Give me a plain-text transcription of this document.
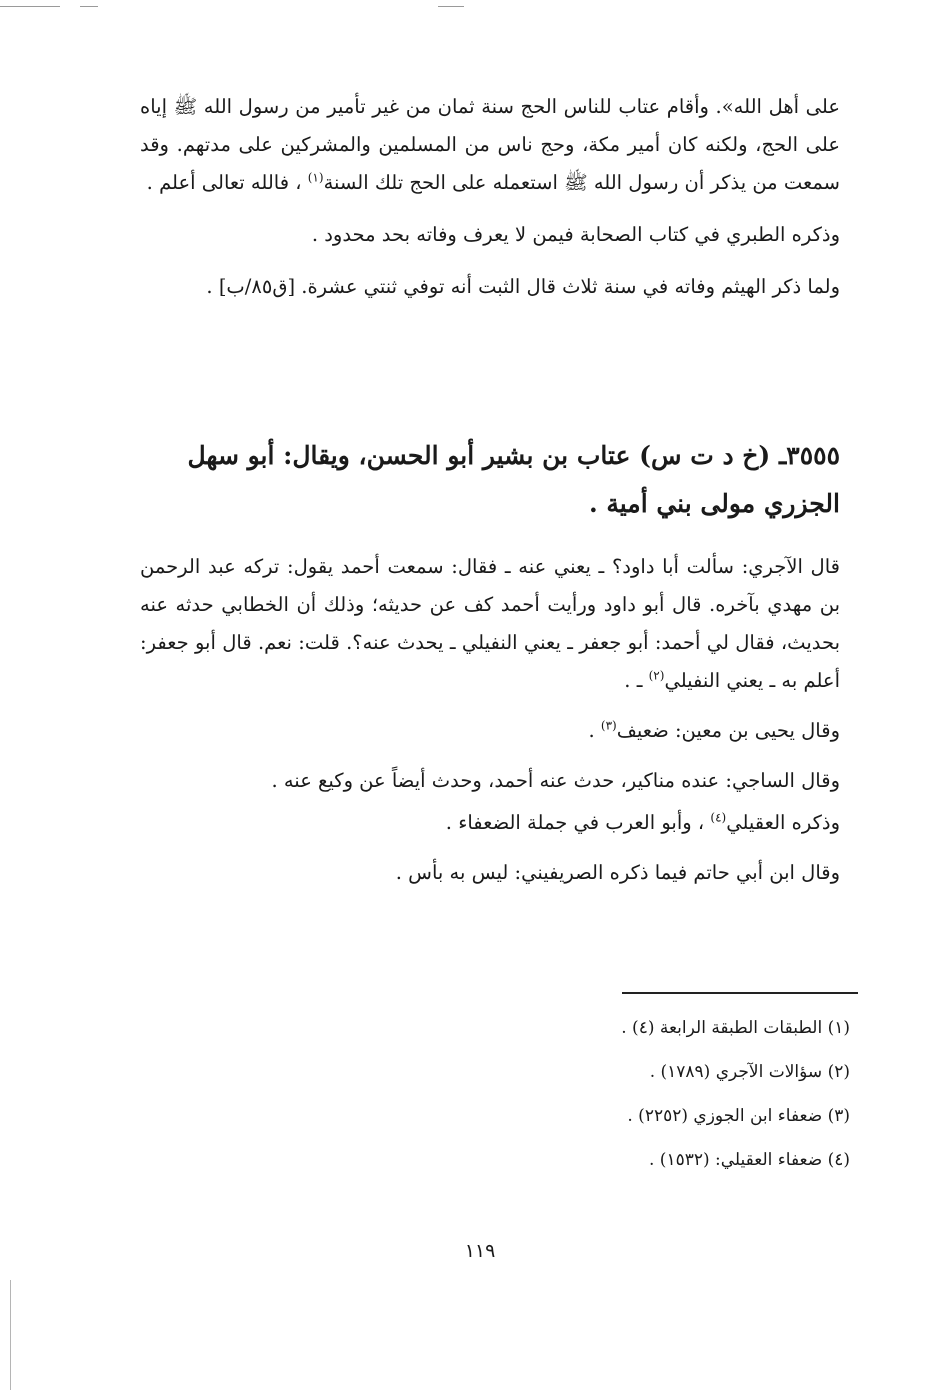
على أهل الله». وأقام عتاب للناس الحج سنة ثمان من غير تأمير من رسول الله ﷺ إياه على الحج، ولكنه كان أمير مكة، وحج ناس من المسلمين والمشركين على مدتهم. وقد سمعت من يذكر أن رسول الله ﷺ استعمله على الحج تلك السنة$^{(١)}$ ، فالله تعالى أعلم .

وذكره الطبري في كتاب الصحابة فيمن لا يعرف وفاته بحد محدود .

ولما ذكر الهيثم وفاته في سنة ثلاث قال الثبت أنه توفي ثنتي عشرة. [ق٨٥/ب] .

٣٥٥٥ـ (خ د ت س) عتاب بن بشير أبو الحسن، ويقال: أبو سهل الجزري مولى بني أمية .

قال الآجري: سألت أبا داود؟ ـ يعني عنه ـ فقال: سمعت أحمد يقول: تركه عبد الرحمن بن مهدي بآخره. قال أبو داود ورأيت أحمد كف عن حديثه؛ وذلك أن الخطابي حدثه عنه بحديث، فقال لي أحمد: أبو جعفر ـ يعني النفيلي ـ يحدث عنه؟. قلت: نعم. قال أبو جعفر: أعلم به ـ يعني النفيلي$^{(٢)}$ ـ .

وقال يحيى بن معين: ضعيف$^{(٣)}$ .

وقال الساجي: عنده مناكير، حدث عنه أحمد، وحدث أيضاً عن وكيع عنه .

وذكره العقيلي$^{(٤)}$ ، وأبو العرب في جملة الضعفاء .

وقال ابن أبي حاتم فيما ذكره الصريفيني: ليس به بأس .

(١) الطبقات الطبقة الرابعة (٤) .

(٢) سؤالات الآجري (١٧٨٩) .

(٣) ضعفاء ابن الجوزي (٢٢٥٢) .

(٤) ضعفاء العقيلي: (١٥٣٢) .

١١٩
